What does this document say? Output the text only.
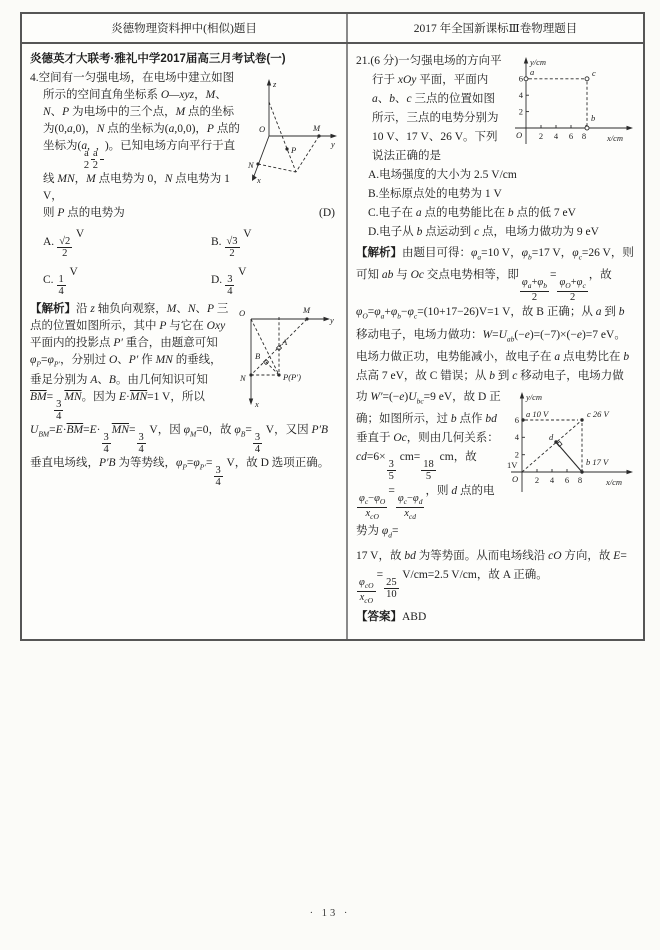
炎德物理资料押中(相似)题目	2017 年全国新课标Ⅲ卷物理题目
炎德英才大联考·雅礼中学2017届高三月考试卷(一)

z
y
x
O	M
N
P
4.空间有一匀强电场，在电场中建立如图所示的空间直角坐标系 O—xyz，M、N、P 为电场中的三个点，M 点的坐标为(0,a,0)，N 点的坐标为(a,0,0)，P 点的坐标为(a,
$\frac{a}{2}$
,
$\frac{a}{2}$
)。已知电场方向平行于直线 MN，M 点电势为 0，N 点电势为 1 V，

则 P 点的电势为	(D)
A. $\frac{√2}{2}$
V
B. $\frac{√3}{2}$
V
C. $\frac{1}{4}$
V
D. $\frac{3}{4}$
V

O
y
x
M
N
A
B
P(P′)
【解析】沿 z 轴负向观察，M、N、P 三点的位置如图所示，其中 P 与它在 Oxy 平面内的投影点 P′ 重合，由题意可知 $\varphi_P=\varphi_{P'}$，分别过 O、P′ 作 MN 的垂线，垂足分别为 A、B。由几何知识可知 $\overline{BM}=$
$\frac{3}{4}$
$\overline{MN}$。因为 $E\cdot\overline{MN}=1$ V，所以 $U_{BM}=E\cdot\overline{BM}=E\cdot$
$\frac{3}{4}$
$\overline{MN}=$
$\frac{3}{4}$
V，因 $\varphi_M=0$，故 $\varphi_B=$
$\frac{3}{4}$
V，又因 P′B 垂直电场线，P′B 为等势线，$\varphi_P=\varphi_{P'}=$
$\frac{3}{4}$
V，故 D 选项正确。

y/cm
x/cm
O
2
4
6
2 4 6 8
a	c
b
21.(6 分)一匀强电场的方向平行于 xOy 平面，平面内 a、b、c 三点的位置如图所示，三点的电势分别为 10 V、17 V、26 V。下列说法正确的是

A.电场强度的大小为 2.5 V/cm
B.坐标原点处的电势为 1 V
C.电子在 a 点的电势能比在 b 点的低 7 eV
D.电子从 b 点运动到 c 点，电场力做功为 9 eV

【解析】由题目可得：$\varphi_a=10$ V，$\varphi_b=17$ V，$\varphi_c=26$ V，则可知 ab 与 Oc 交点电势相等，即
$\frac{\varphi_a+\varphi_b}{2}$
=
$\frac{\varphi_O+\varphi_c}{2}$
，故 $\varphi_O=\varphi_a+\varphi_b-\varphi_c=(10+17-26)V=1$ V，故 B 正确；从 a 到 b 移动电子，电场力做功：$W=U_{ab}(-e)=(-7)\times(-e)=7$ eV。电场力做正功，电势能减小，故电子在 a 点电势比在 b 点高 7 eV，故 C 错误；从 b 到 c 移动电子，电场力做

y/cm
x/cm
O
2
4
6
2 4 6 8
a 10 V	c 26 V
b 17 V
1V
d
功 $W'=(-e)U_{bc}=9$ eV，故 D 正确；如图所示，过 b 点作 bd 垂直于 Oc，则由几何关系：cd=6×
$\frac{3}{5}$
cm=
$\frac{18}{5}$
cm，故
$\frac{\varphi_c-\varphi_O}{x_{cO}}$
=
$\frac{\varphi_c-\varphi_d}{x_{cd}}$
，则 d 点的电势为 $\varphi_d=$

17 V，故 bd 为等势面。从而电场线沿 cO 方向，故 E=
$\frac{\varphi_{cO}}{x_{cO}}$
=
$\frac{25}{10}$
V/cm=2.5 V/cm，故 A 正确。

【答案】ABD

· 13 ·
